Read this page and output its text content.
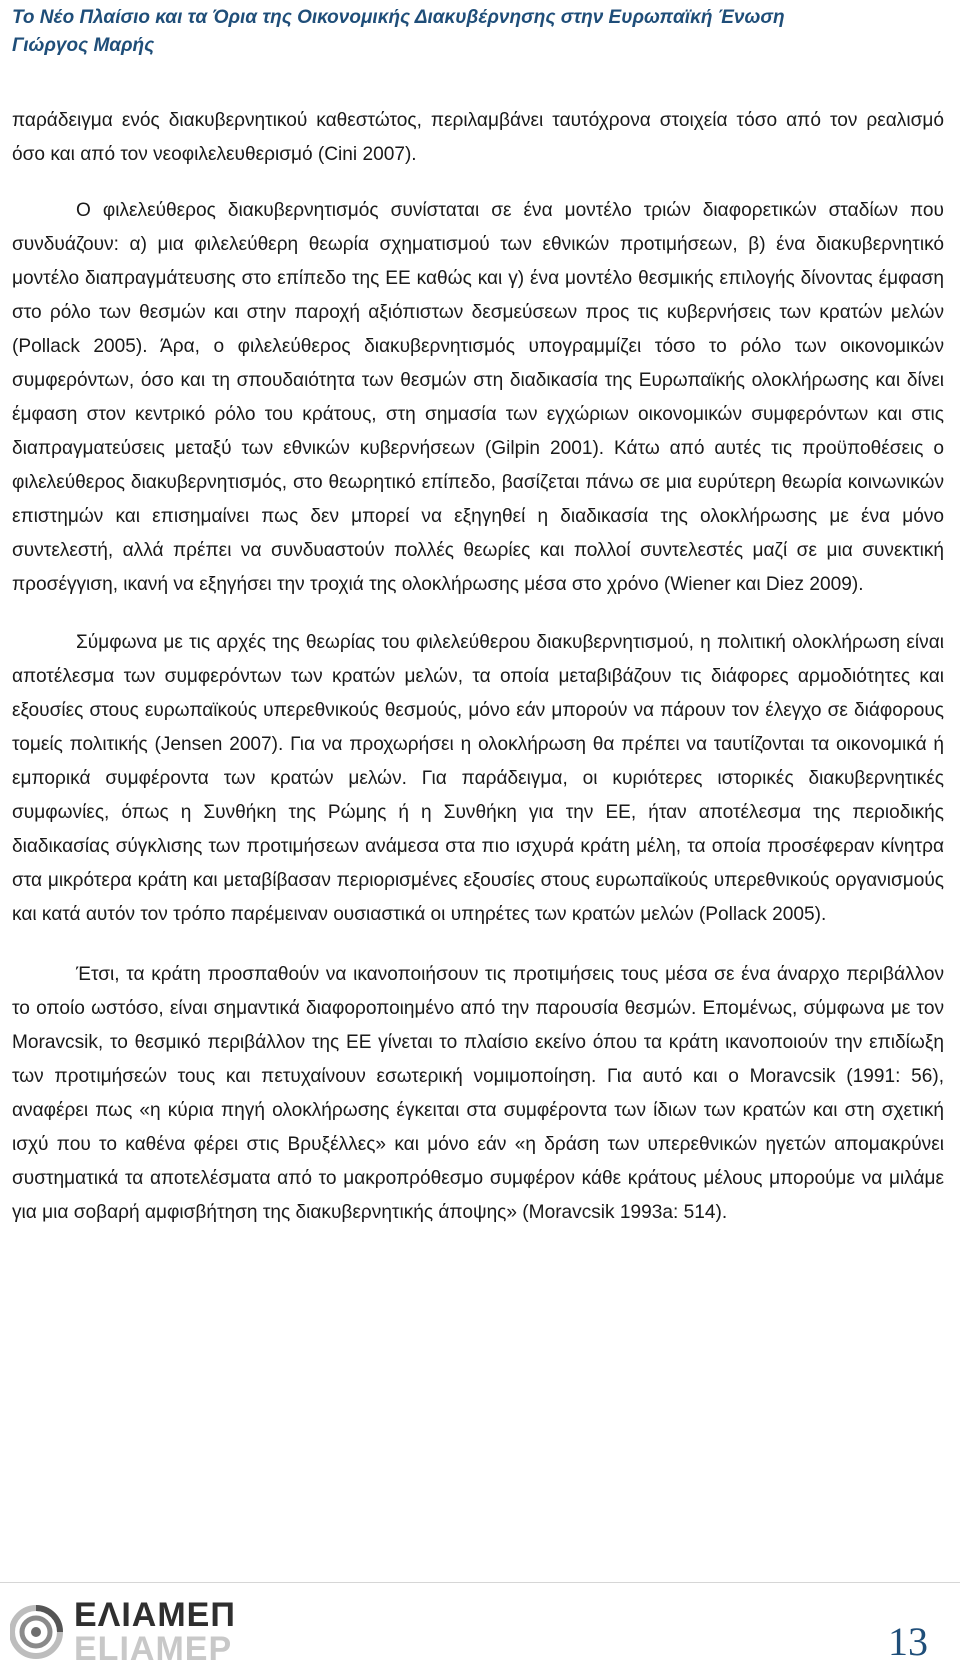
Το Νέο Πλαίσιο και τα Όρια της Οικονομικής Διακυβέρνησης στην Ευρωπαϊκή Ένωση
Γιώργος Μαρής

παράδειγμα ενός διακυβερνητικού καθεστώτος, περιλαμβάνει ταυτόχρονα στοιχεία τόσο από τον ρεαλισμό όσο και από τον νεοφιλελευθερισμό (Cini 2007).

Ο φιλελεύθερος διακυβερνητισμός συνίσταται σε ένα μοντέλο τριών διαφορετικών σταδίων που συνδυάζουν: α) μια φιλελεύθερη θεωρία σχηματισμού των εθνικών προτιμήσεων, β) ένα διακυβερνητικό μοντέλο διαπραγμάτευσης στο επίπεδο της ΕΕ καθώς και γ) ένα μοντέλο θεσμικής επιλογής δίνοντας έμφαση στο ρόλο των θεσμών και στην παροχή αξιόπιστων δεσμεύσεων προς τις κυβερνήσεις των κρατών μελών (Pollack 2005). Άρα, ο φιλελεύθερος διακυβερνητισμός υπογραμμίζει τόσο το ρόλο των οικονομικών συμφερόντων, όσο και τη σπουδαιότητα των θεσμών στη διαδικασία της Ευρωπαϊκής ολοκλήρωσης και δίνει έμφαση στον κεντρικό ρόλο του κράτους, στη σημασία των εγχώριων οικονομικών συμφερόντων και στις διαπραγματεύσεις μεταξύ των εθνικών κυβερνήσεων (Gilpin 2001). Κάτω από αυτές τις προϋποθέσεις ο φιλελεύθερος διακυβερνητισμός, στο θεωρητικό επίπεδο, βασίζεται πάνω σε μια ευρύτερη θεωρία κοινωνικών επιστημών και επισημαίνει πως δεν μπορεί να εξηγηθεί η διαδικασία της ολοκλήρωσης με ένα μόνο συντελεστή, αλλά πρέπει να συνδυαστούν πολλές θεωρίες και πολλοί συντελεστές μαζί σε μια συνεκτική προσέγγιση, ικανή να εξηγήσει την τροχιά της ολοκλήρωσης μέσα στο χρόνο (Wiener και Diez 2009).

Σύμφωνα με τις αρχές της θεωρίας του φιλελεύθερου διακυβερνητισμού, η πολιτική ολοκλήρωση είναι αποτέλεσμα των συμφερόντων των κρατών μελών, τα οποία μεταβιβάζουν τις διάφορες αρμοδιότητες και εξουσίες στους ευρωπαϊκούς υπερεθνικούς θεσμούς, μόνο εάν μπορούν να πάρουν τον έλεγχο σε διάφορους τομείς πολιτικής (Jensen 2007). Για να προχωρήσει η ολοκλήρωση θα πρέπει να ταυτίζονται τα οικονομικά ή εμπορικά συμφέροντα των κρατών μελών. Για παράδειγμα, οι κυριότερες ιστορικές διακυβερνητικές συμφωνίες, όπως η Συνθήκη της Ρώμης ή η Συνθήκη για την ΕΕ, ήταν αποτέλεσμα της περιοδικής διαδικασίας σύγκλισης των προτιμήσεων ανάμεσα στα πιο ισχυρά κράτη μέλη, τα οποία προσέφεραν κίνητρα στα μικρότερα κράτη και μεταβίβασαν περιορισμένες εξουσίες στους ευρωπαϊκούς υπερεθνικούς οργανισμούς και κατά αυτόν τον τρόπο παρέμειναν ουσιαστικά οι υπηρέτες των κρατών μελών (Pollack 2005).

Έτσι, τα κράτη προσπαθούν να ικανοποιήσουν τις προτιμήσεις τους μέσα σε ένα άναρχο περιβάλλον το οποίο ωστόσο, είναι σημαντικά διαφοροποιημένο από την παρουσία θεσμών. Επομένως, σύμφωνα με τον Moravcsik, το θεσμικό περιβάλλον της ΕΕ γίνεται το πλαίσιο εκείνο όπου τα κράτη ικανοποιούν την επιδίωξη των προτιμήσεών τους και πετυχαίνουν εσωτερική νομιμοποίηση. Για αυτό και ο Moravcsik (1991: 56), αναφέρει πως «η κύρια πηγή ολοκλήρωσης έγκειται στα συμφέροντα των ίδιων των κρατών και στη σχετική ισχύ που το καθένα φέρει στις Βρυξέλλες» και μόνο εάν «η δράση των υπερεθνικών ηγετών απομακρύνει συστηματικά τα αποτελέσματα από το μακροπρόθεσμο συμφέρον κάθε κράτους μέλους μπορούμε να μιλάμε για μια σοβαρή αμφισβήτηση της διακυβερνητικής άποψης» (Moravcsik 1993a: 514).

ΕΛΙΑΜΕΠ
ELIAMEP	13
